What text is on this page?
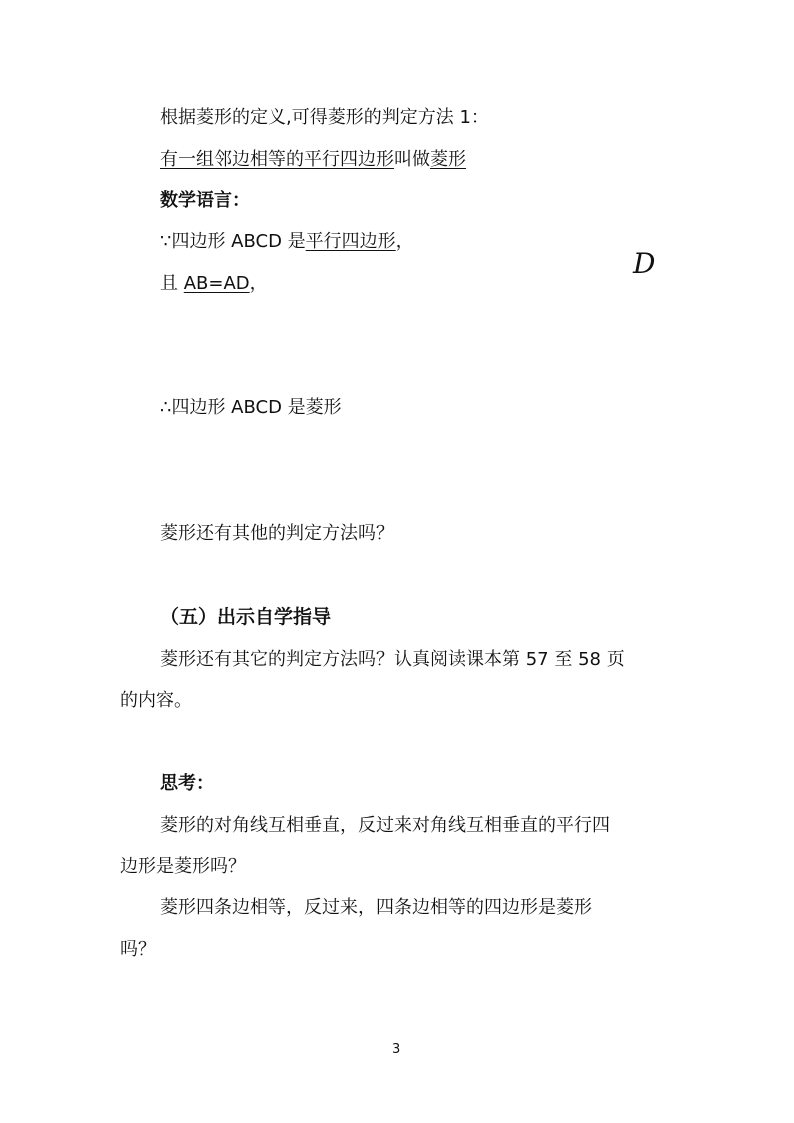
根据菱形的定义,可得菱形的判定方法 1：
有一组邻边相等的平行四边形叫做菱形
数学语言：
∵四边形 ABCD 是平行四边形，
D
且 AB=AD，
∴四边形 ABCD 是菱形
菱形还有其他的判定方法吗？
（五）出示自学指导
菱形还有其它的判定方法吗？认真阅读课本第 57 至 58 页
的内容。
思考：
菱形的对角线互相垂直，反过来对角线互相垂直的平行四
边形是菱形吗？
菱形四条边相等，反过来，四条边相等的四边形是菱形
吗？
3
